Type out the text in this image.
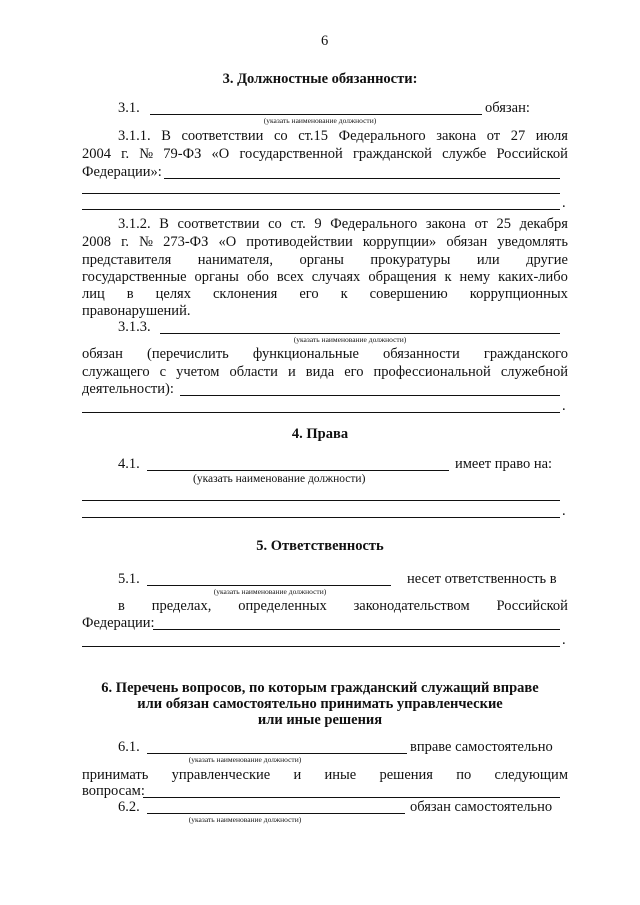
6
3. Должностные обязанности:
3.1.	обязан:
(указать наименование должности)
3.1.1. В соответствии со ст.15 Федерального закона от 27 июля
2004 г. № 79-ФЗ «О государственной гражданской службе Российской
Федерации»:
.
3.1.2. В соответствии со ст. 9 Федерального закона от 25 декабря
2008 г. № 273-ФЗ «О противодействии коррупции» обязан уведомлять
представителя нанимателя, органы прокуратуры или другие
государственные органы обо всех случаях обращения к нему каких-либо
лиц в целях склонения его к совершению коррупционных
правонарушений.
3.1.3.
(указать наименование должности)
обязан (перечислить функциональные обязанности гражданского
служащего с учетом области и вида его профессиональной служебной
деятельности):
.
4. Права
4.1.	имеет право на:
(указать наименование должности)
.
5. Ответственность
5.1.	несет ответственность в
(указать наименование должности)
в пределах, определенных законодательством Российской
Федерации:
.
6. Перечень вопросов, по которым гражданский служащий вправе
или обязан самостоятельно принимать управленческие
или иные решения
6.1.	вправе самостоятельно
(указать наименование должности)
принимать управленческие и иные решения по следующим
вопросам:
6.2.	обязан самостоятельно
(указать наименование должности)
